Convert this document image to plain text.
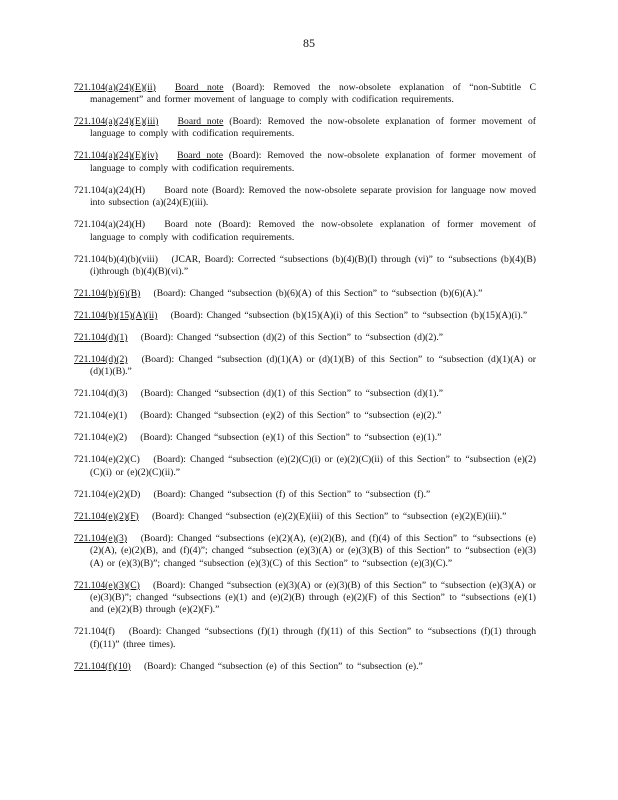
85

721.104(a)(24)(E)(ii)   Board note (Board): Removed the now-obsolete explanation of “non-Subtitle C management” and former movement of language to comply with codification requirements.

721.104(a)(24)(E)(iii)   Board note (Board): Removed the now-obsolete explanation of former movement of language to comply with codification requirements.

721.104(a)(24)(E)(iv)   Board note (Board): Removed the now-obsolete explanation of former movement of language to comply with codification requirements.

721.104(a)(24)(H)   Board note (Board): Removed the now-obsolete separate provision for language now moved into subsection (a)(24)(E)(iii).

721.104(a)(24)(H)   Board note (Board): Removed the now-obsolete explanation of former movement of language to comply with codification requirements.

721.104(b)(4)(b)(viii)  (JCAR, Board): Corrected “subsections (b)(4)(B)(I) through (vi)” to “subsections (b)(4)(B)(i)through (b)(4)(B)(vi).”

721.104(b)(6)(B)  (Board): Changed “subsection (b)(6)(A) of this Section” to “subsection (b)(6)(A).”

721.104(b)(15)(A)(ii)  (Board): Changed “subsection (b)(15)(A)(i) of this Section” to “subsection (b)(15)(A)(i).”

721.104(d)(1)  (Board): Changed “subsection (d)(2) of this Section” to “subsection (d)(2).”

721.104(d)(2)  (Board): Changed “subsection (d)(1)(A) or (d)(1)(B) of this Section” to “subsection (d)(1)(A) or (d)(1)(B).”

721.104(d)(3)  (Board): Changed “subsection (d)(1) of this Section” to “subsection (d)(1).”

721.104(e)(1)  (Board): Changed “subsection (e)(2) of this Section” to “subsection (e)(2).”

721.104(e)(2)  (Board): Changed “subsection (e)(1) of this Section” to “subsection (e)(1).”

721.104(e)(2)(C)  (Board): Changed “subsection (e)(2)(C)(i) or (e)(2)(C)(ii) of this Section” to “subsection (e)(2)(C)(i) or (e)(2)(C)(ii).”

721.104(e)(2)(D)  (Board): Changed “subsection (f) of this Section” to “subsection (f).”

721.104(e)(2)(F)  (Board): Changed “subsection (e)(2)(E)(iii) of this Section” to “subsection (e)(2)(E)(iii).”

721.104(e)(3)  (Board): Changed “subsections (e)(2)(A), (e)(2)(B), and (f)(4) of this Section” to “subsections (e)(2)(A), (e)(2)(B), and (f)(4)”; changed “subsection (e)(3)(A) or (e)(3)(B) of this Section” to “subsection (e)(3)(A) or (e)(3)(B)”; changed “subsection (e)(3)(C) of this Section” to “subsection (e)(3)(C).”

721.104(e)(3)(C)  (Board): Changed “subsection (e)(3)(A) or (e)(3)(B) of this Section” to “subsection (e)(3)(A) or (e)(3)(B)”; changed “subsections (e)(1) and (e)(2)(B) through (e)(2)(F) of this Section” to “subsections (e)(1) and (e)(2)(B) through (e)(2)(F).”

721.104(f)  (Board): Changed “subsections (f)(1) through (f)(11) of this Section” to “subsections (f)(1) through (f)(11)” (three times).

721.104(f)(10)  (Board): Changed “subsection (e) of this Section” to “subsection (e).”
